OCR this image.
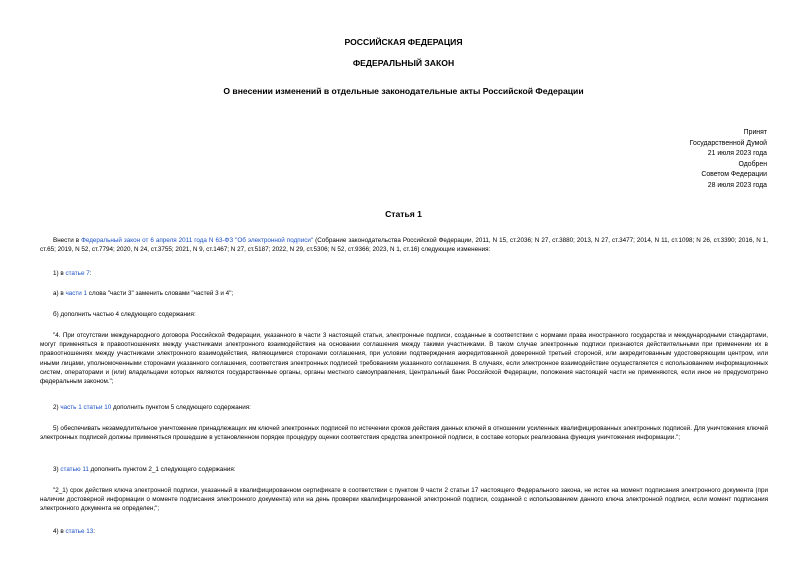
РОССИЙСКАЯ ФЕДЕРАЦИЯ
ФЕДЕРАЛЬНЫЙ ЗАКОН
О внесении изменений в отдельные законодательные акты Российской Федерации
Принят
Государственной Думой
21 июля 2023 года
Одобрен
Советом Федерации
28 июля 2023 года
Статья 1
Внести в Федеральный закон от 6 апреля 2011 года N 63-ФЗ "Об электронной подписи" (Собрание законодательства Российской Федерации, 2011, N 15, ст.2036; N 27, ст.3880; 2013, N 27, ст.3477; 2014, N 11, ст.1098; N 26, ст.3390; 2016, N 1, ст.65; 2019, N 52, ст.7794; 2020, N 24, ст.3755; 2021, N 9, ст.1467; N 27, ст.5187; 2022, N 29, ст.5306; N 52, ст.9366; 2023, N 1, ст.16) следующие изменения:
1) в статье 7:
а) в части 1 слова "части 3" заменить словами "частей 3 и 4";
б) дополнить частью 4 следующего содержания:
"4. При отсутствии международного договора Российской Федерации, указанного в части 3 настоящей статьи, электронные подписи, созданные в соответствии с нормами права иностранного государства и международными стандартами, могут применяться в правоотношениях между участниками электронного взаимодействия на основании соглашения между такими участниками. В таком случае электронные подписи признаются действительными при применении их в правоотношениях между участниками электронного взаимодействия, являющимися сторонами соглашения, при условии подтверждения аккредитованной доверенной третьей стороной, или аккредитованным удостоверяющим центром, или иными лицами, уполномоченными сторонами указанного соглашения, соответствия электронных подписей требованиям указанного соглашения. В случаях, если электронное взаимодействие осуществляется с использованием информационных систем, операторами и (или) владельцами которых являются государственные органы, органы местного самоуправления, Центральный банк Российской Федерации, положения настоящей части не применяются, если иное не предусмотрено федеральным законом.";
2) часть 1 статьи 10 дополнить пунктом 5 следующего содержания:
5) обеспечивать незамедлительное уничтожение принадлежащих им ключей электронных подписей по истечении сроков действия данных ключей в отношении усиленных квалифицированных электронных подписей. Для уничтожения ключей электронных подписей должны применяться прошедшие в установленном порядке процедуру оценки соответствия средства электронной подписи, в составе которых реализована функция уничтожения информации.";
3) статью 11 дополнить пунктом 2_1 следующего содержания:
"2_1) срок действия ключа электронной подписи, указанный в квалифицированном сертификате в соответствии с пунктом 9 части 2 статьи 17 настоящего Федерального закона, не истек на момент подписания электронного документа (при наличии достоверной информации о моменте подписания электронного документа) или на день проверки квалифицированной электронной подписи, созданной с использованием данного ключа электронной подписи, если момент подписания электронного документа не определен;";
4) в статье 13:
